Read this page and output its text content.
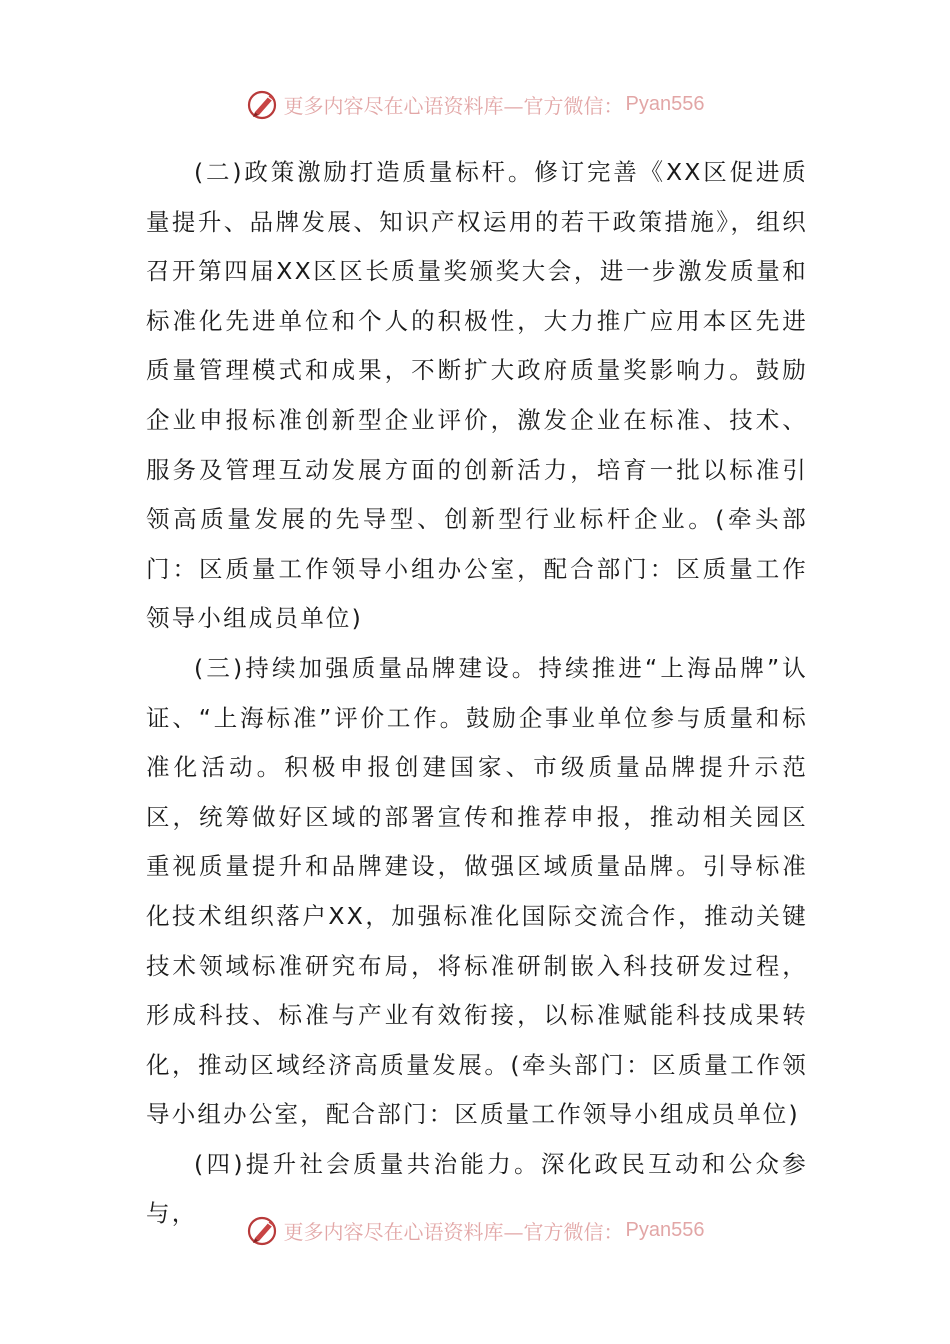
更多内容尽在心语资料库—官方微信： Pyan556

(二)政策激励打造质量标杆。修订完善《XX区促进质量提升、品牌发展、知识产权运用的若干政策措施》，组织召开第四届XX区区长质量奖颁奖大会，进一步激发质量和标准化先进单位和个人的积极性，大力推广应用本区先进质量管理模式和成果，不断扩大政府质量奖影响力。鼓励企业申报标准创新型企业评价，激发企业在标准、技术、服务及管理互动发展方面的创新活力，培育一批以标准引领高质量发展的先导型、创新型行业标杆企业。(牵头部门：区质量工作领导小组办公室，配合部门：区质量工作领导小组成员单位)

(三)持续加强质量品牌建设。持续推进“上海品牌”认证、“上海标准”评价工作。鼓励企事业单位参与质量和标准化活动。积极申报创建国家、市级质量品牌提升示范区，统筹做好区域的部署宣传和推荐申报，推动相关园区重视质量提升和品牌建设，做强区域质量品牌。引导标准化技术组织落户XX，加强标准化国际交流合作，推动关键技术领域标准研究布局，将标准研制嵌入科技研发过程，形成科技、标准与产业有效衔接，以标准赋能科技成果转化，推动区域经济高质量发展。(牵头部门：区质量工作领导小组办公室，配合部门：区质量工作领导小组成员单位)

(四)提升社会质量共治能力。深化政民互动和公众参与，

更多内容尽在心语资料库—官方微信： Pyan556
